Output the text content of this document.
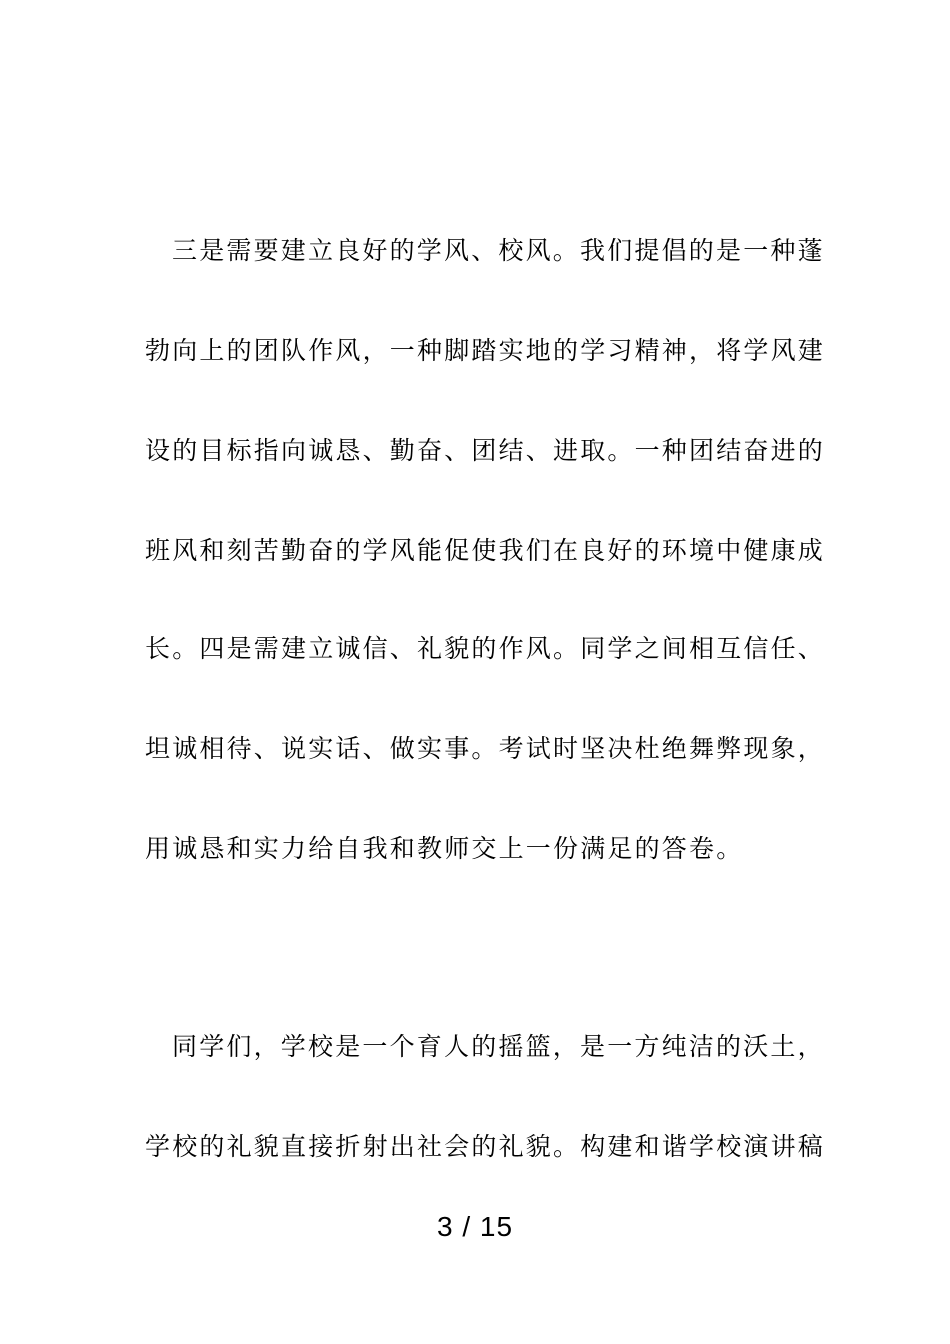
三是需要建立良好的学风、校风。我们提倡的是一种蓬
勃向上的团队作风，一种脚踏实地的学习精神，将学风建
设的目标指向诚恳、勤奋、团结、进取。一种团结奋进的
班风和刻苦勤奋的学风能促使我们在良好的环境中健康成
长。四是需建立诚信、礼貌的作风。同学之间相互信任、
坦诚相待、说实话、做实事。考试时坚决杜绝舞弊现象，
用诚恳和实力给自我和教师交上一份满足的答卷。
同学们，学校是一个育人的摇篮，是一方纯洁的沃土，
学校的礼貌直接折射出社会的礼貌。构建和谐学校演讲稿
3 / 15
